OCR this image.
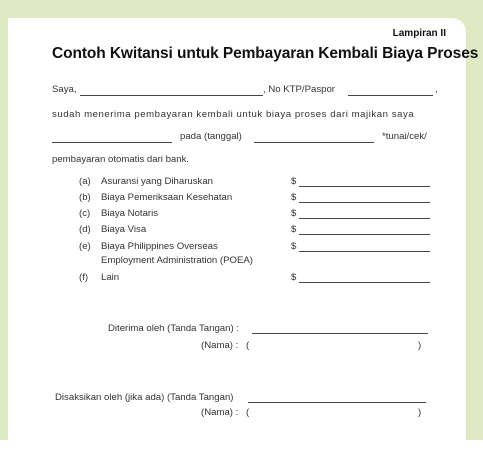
Lampiran II
Contoh Kwitansi untuk Pembayaran Kembali Biaya Proses
Saya,	, No KTP/Paspor	,
sudah menerima pembayaran kembali untuk biaya proses dari majikan saya
pada (tanggal)	*tunai/cek/
pembayaran otomatis dari bank.
(a) Asuransi yang Diharuskan	$
(b) Biaya Pemeriksaan Kesehatan	$
(c) Biaya Notaris	$
(d) Biaya Visa	$
(e) Biaya Philippines Overseas
Employment Administration (POEA)
$
(f) Lain	$
Diterima oleh (Tanda Tangan) :
(Nama) : (	)
Disaksikan oleh (jika ada) (Tanda Tangan)
(Nama) : (	)
